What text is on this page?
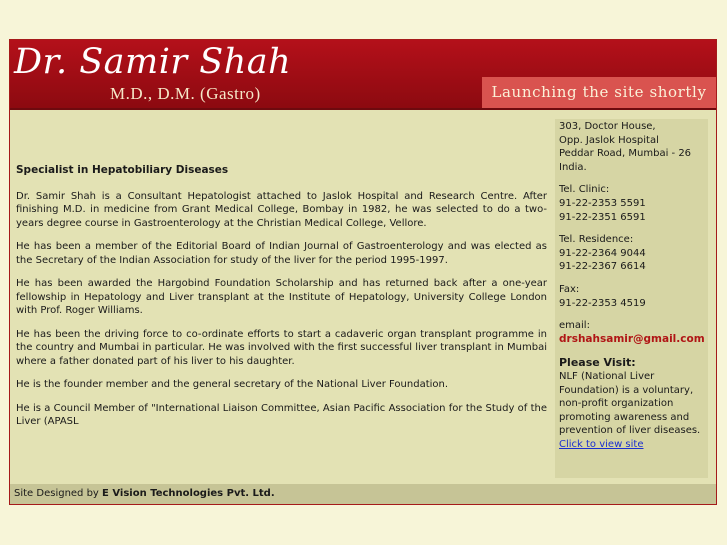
Dr. Samir Shah
M.D., D.M. (Gastro)	Launching the site shortly
Specialist in Hepatobiliary Diseases

Dr. Samir Shah is a Consultant Hepatologist attached to Jaslok Hospital and Research Centre. After finishing M.D. in medicine from Grant Medical College, Bombay in 1982, he was selected to do a two-years degree course in Gastroenterology at the Christian Medical College, Vellore.

He has been a member of the Editorial Board of Indian Journal of Gastroenterology and was elected as the Secretary of the Indian Association for study of the liver for the period 1995-1997.

He has been awarded the Hargobind Foundation Scholarship and has returned back after a one-year fellowship in Hepatology and Liver transplant at the Institute of Hepatology, University College London with Prof. Roger Williams.

He has been the driving force to co-ordinate efforts to start a cadaveric organ transplant programme in the country and Mumbai in particular. He was involved with the first successful liver transplant in Mumbai where a father donated part of his liver to his daughter.

He is the founder member and the general secretary of the National Liver Foundation.

He is a Council Member of "International Liaison Committee, Asian Pacific Association for the Study of the Liver (APASL

303, Doctor House,
Opp. Jaslok Hospital
Peddar Road, Mumbai - 26
India.
Tel. Clinic:
91-22-2353 5591
91-22-2351 6591
Tel. Residence:
91-22-2364 9044
91-22-2367 6614
Fax:
91-22-2353 4519
email:
drshahsamir@gmail.com
Please Visit:
NLF (National Liver Foundation) is a voluntary, non-profit organization promoting awareness and prevention of liver diseases. Click to view site
Site Designed by E Vision Technologies Pvt. Ltd.
